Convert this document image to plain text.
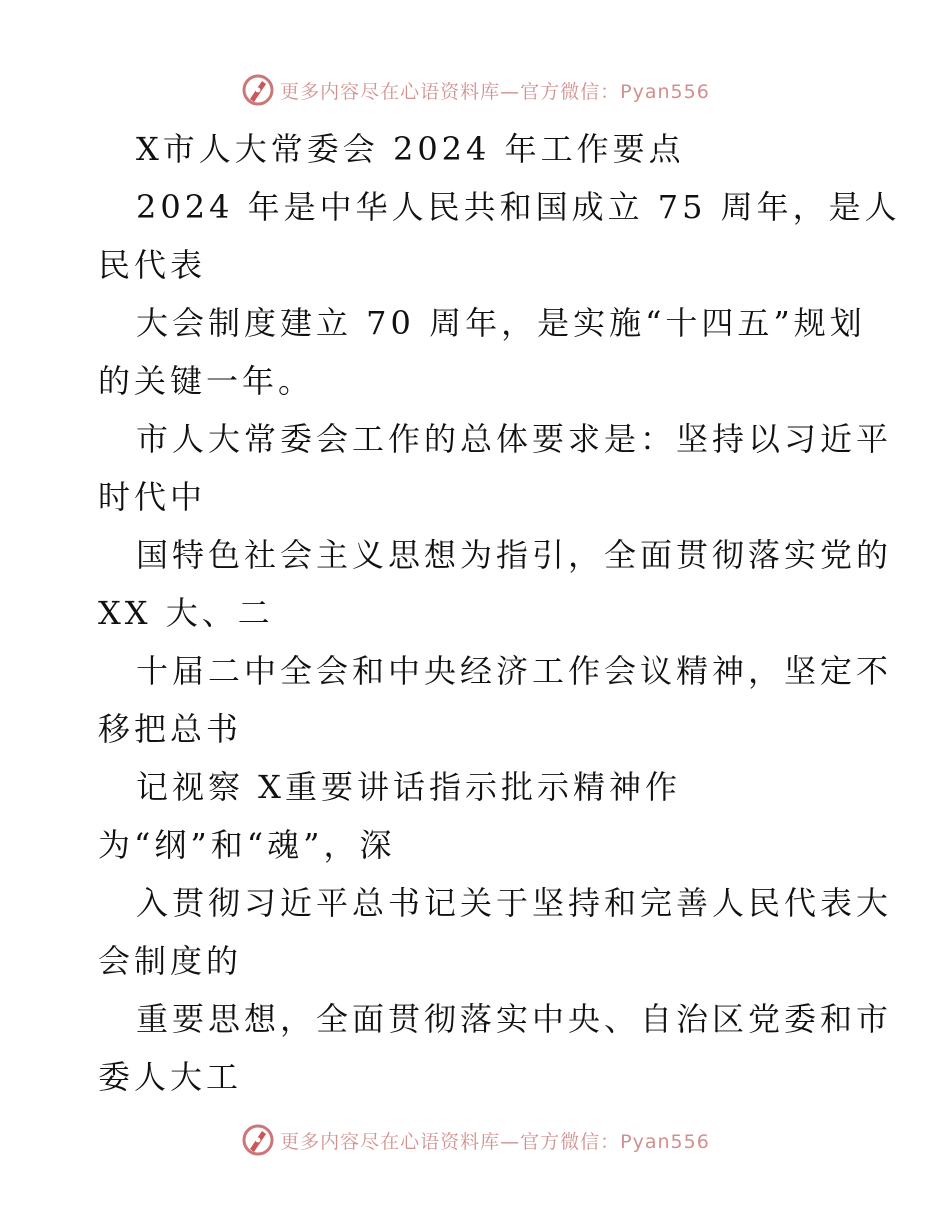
更多内容尽在心语资料库—官方微信：Pyan556
X市人大常委会 2024 年工作要点
2024 年是中华人民共和国成立 75 周年，是人
民代表
大会制度建立 70 周年，是实施“十四五”规划
的关键一年。
市人大常委会工作的总体要求是：坚持以习近平
时代中
国特色社会主义思想为指引，全面贯彻落实党的
XX 大、二
十届二中全会和中央经济工作会议精神，坚定不
移把总书
记视察 X重要讲话指示批示精神作
为“纲”和“魂”，深
入贯彻习近平总书记关于坚持和完善人民代表大
会制度的
重要思想，全面贯彻落实中央、自治区党委和市
委人大工
更多内容尽在心语资料库—官方微信：Pyan556
